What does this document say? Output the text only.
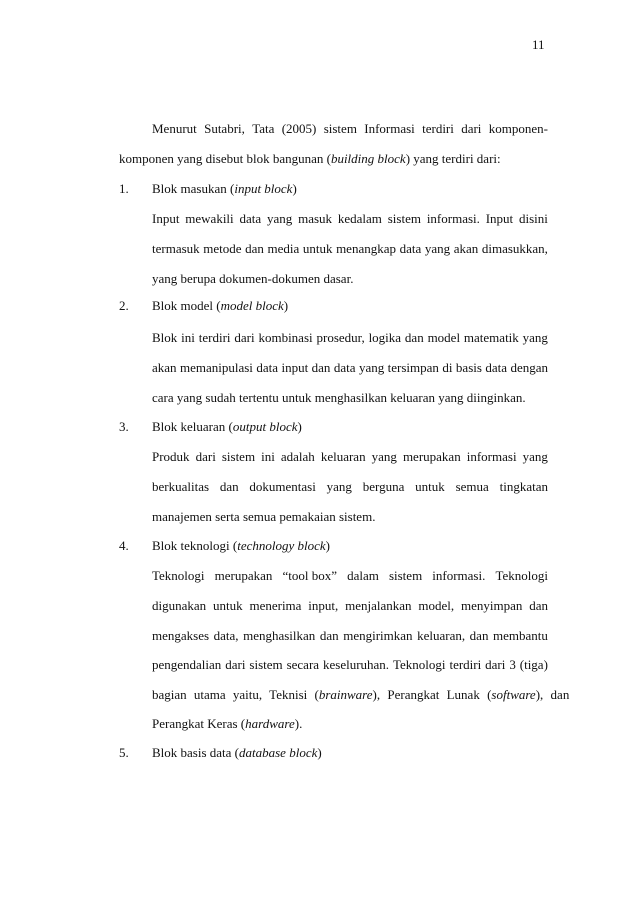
11
Menurut Sutabri, Tata (2005) sistem Informasi terdiri dari komponen-
komponen yang disebut blok bangunan (building block) yang terdiri dari:
1. Blok masukan (input block)
Input mewakili data yang masuk kedalam sistem informasi. Input disini
termasuk metode dan media untuk menangkap data yang akan dimasukkan,
yang berupa dokumen-dokumen dasar.
2. Blok model (model block)
Blok ini terdiri dari kombinasi prosedur, logika dan model matematik yang
akan memanipulasi data input dan data yang tersimpan di basis data dengan
cara yang sudah tertentu untuk menghasilkan keluaran yang diinginkan.
3. Blok keluaran (output block)
Produk dari sistem ini adalah keluaran yang merupakan informasi yang
berkualitas dan dokumentasi yang berguna untuk semua tingkatan
manajemen serta semua pemakaian sistem.
4. Blok teknologi (technology block)
Teknologi merupakan “tool box” dalam sistem informasi. Teknologi
digunakan untuk menerima input, menjalankan model, menyimpan dan
mengakses data, menghasilkan dan mengirimkan keluaran, dan membantu
pengendalian dari sistem secara keseluruhan. Teknologi terdiri dari 3 (tiga)
bagian utama yaitu, Teknisi (brainware), Perangkat Lunak (software), dan
Perangkat Keras (hardware).
5. Blok basis data (database block)
